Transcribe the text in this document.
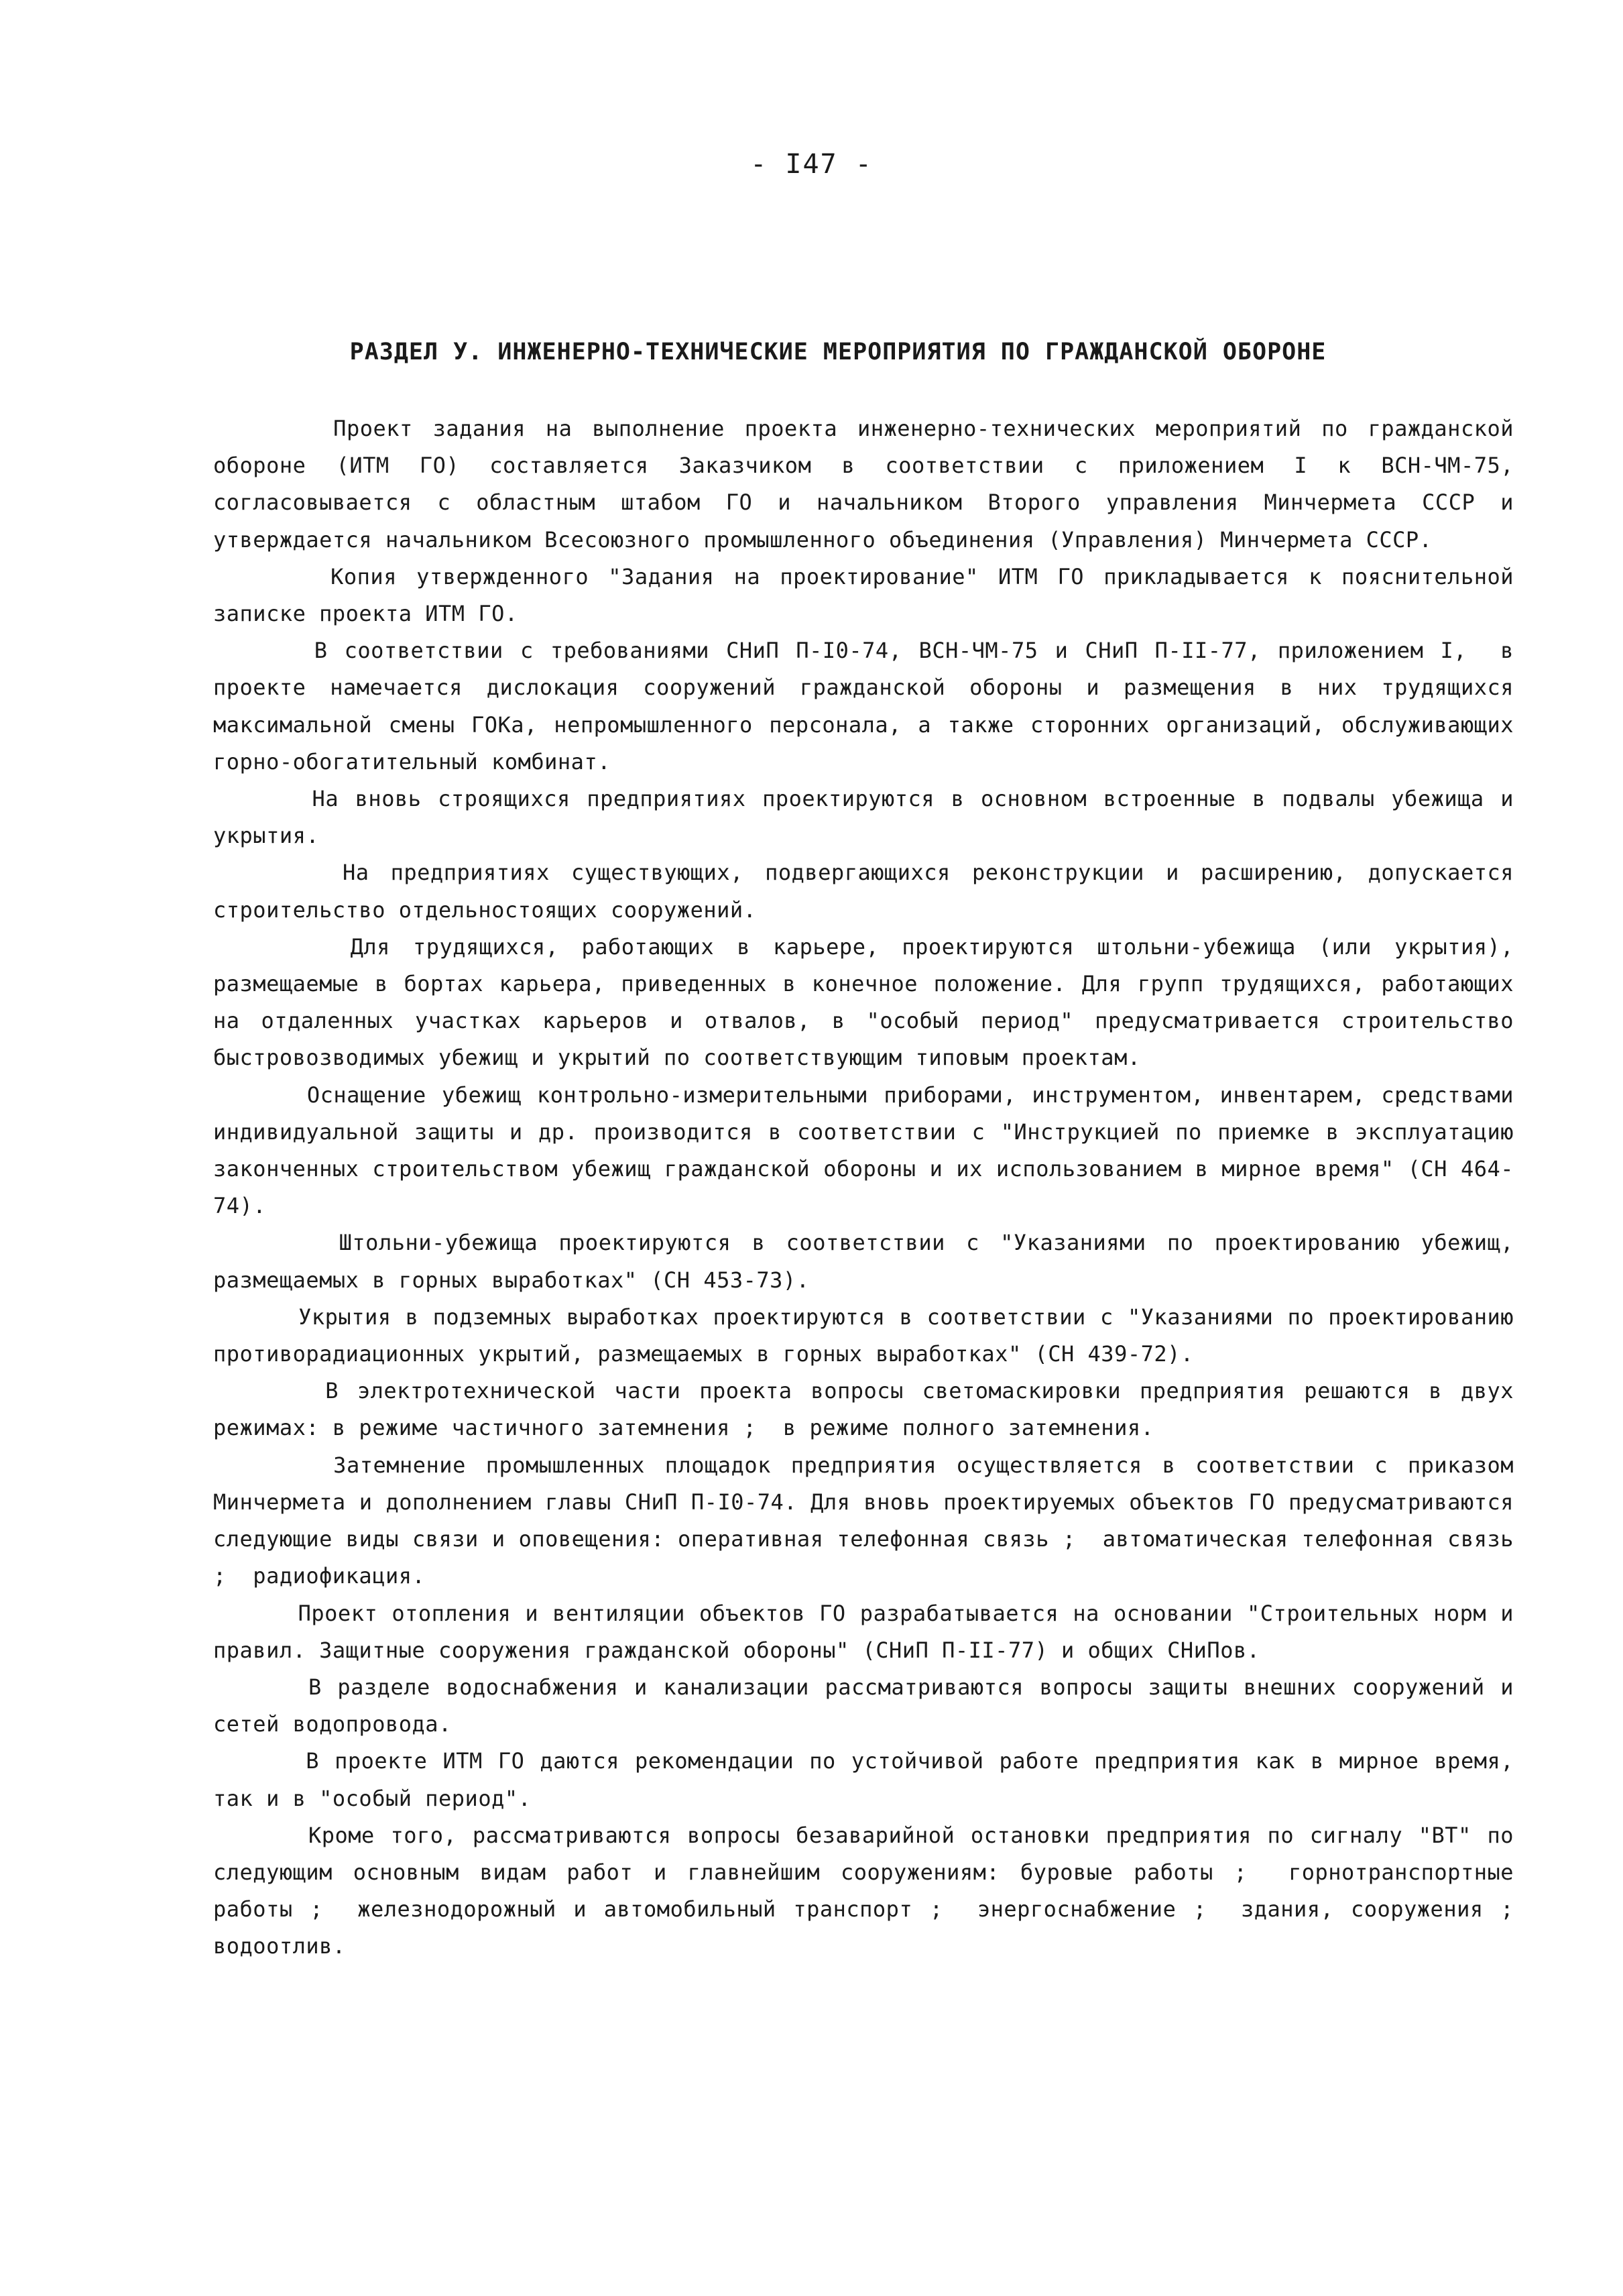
- I47 -
РАЗДЕЛ У. ИНЖЕНЕРНО-ТЕХНИЧЕСКИЕ МЕРОПРИЯТИЯ ПО ГРАЖДАНСКОЙ ОБОРОНЕ

Проект задания на выполнение проекта инженерно-технических мероприятий по гражданской обороне (ИТМ ГО) составляется Заказчиком в соответствии с приложением I к ВСН-ЧМ-75, согласовывается с областным штабом ГО и начальником Второго управления Минчермета СССР и утверждается начальником Всесоюзного промышленного объединения (Управления) Минчермета СССР.

Копия утвержденного "Задания на проектирование" ИТМ ГО прикладывается к пояснительной записке проекта ИТМ ГО.

В соответствии с требованиями СНиП П-I0-74, ВСН-ЧМ-75 и СНиП П-II-77, приложением I,  в проекте намечается дислокация сооружений гражданской обороны и размещения в них трудящихся максимальной смены ГОКа, непромышленного персонала, а также сторонних организаций, обслуживающих горно-обогатительный комбинат.

На вновь строящихся предприятиях проектируются в основном встроенные в подвалы убежища и укрытия.

На предприятиях существующих, подвергающихся реконструкции и расширению, допускается строительство отдельностоящих сооружений.

Для трудящихся, работающих в карьере, проектируются штольни-убежища (или укрытия), размещаемые в бортах карьера, приведенных в конечное положение. Для групп трудящихся, работающих  на отдаленных участках карьеров и отвалов, в "особый период" предусматривается строительство быстровозводимых убежищ и укрытий по соответствующим типовым проектам.

Оснащение убежищ контрольно-измерительными приборами, инструментом, инвентарем, средствами индивидуальной защиты и др. производится в соответствии с "Инструкцией по приемке в эксплуатацию законченных строительством убежищ гражданской обороны и их использованием в мирное время" (СН 464-74).

Штольни-убежища проектируются в соответствии с "Указаниями по проектированию убежищ,  размещаемых в горных выработках" (СН 453-73).

Укрытия в подземных выработках проектируются в соответствии с "Указаниями по проектированию противорадиационных укрытий, размещаемых в горных выработках" (СН 439-72).

В электротехнической части проекта вопросы светомаскировки предприятия решаются в двух режимах: в режиме частичного затемнения ;  в режиме полного затемнения.

Затемнение промышленных площадок предприятия осуществляется в соответствии с приказом Минчермета и дополнением главы СНиП П-I0-74. Для вновь проектируемых объектов ГО предусматриваются следующие виды связи и оповещения: оперативная телефонная связь ;  автоматическая телефонная связь ;  радиофикация.

Проект отопления и вентиляции объектов ГО разрабатывается на основании "Строительных норм и правил. Защитные сооружения гражданской обороны" (СНиП П-II-77) и общих СНиПов.

В разделе водоснабжения и канализации рассматриваются вопросы защиты внешних сооружений и сетей водопровода.

В проекте ИТМ ГО даются рекомендации по устойчивой работе предприятия как в мирное время, так и в "особый период".

Кроме того, рассматриваются вопросы безаварийной остановки предприятия по сигналу "ВТ" по следующим основным видам работ и главнейшим сооружениям: буровые работы ;  горнотранспортные работы ;  железнодорожный и автомобильный транспорт ;  энергоснабжение ;  здания, сооружения ;  водоотлив.
